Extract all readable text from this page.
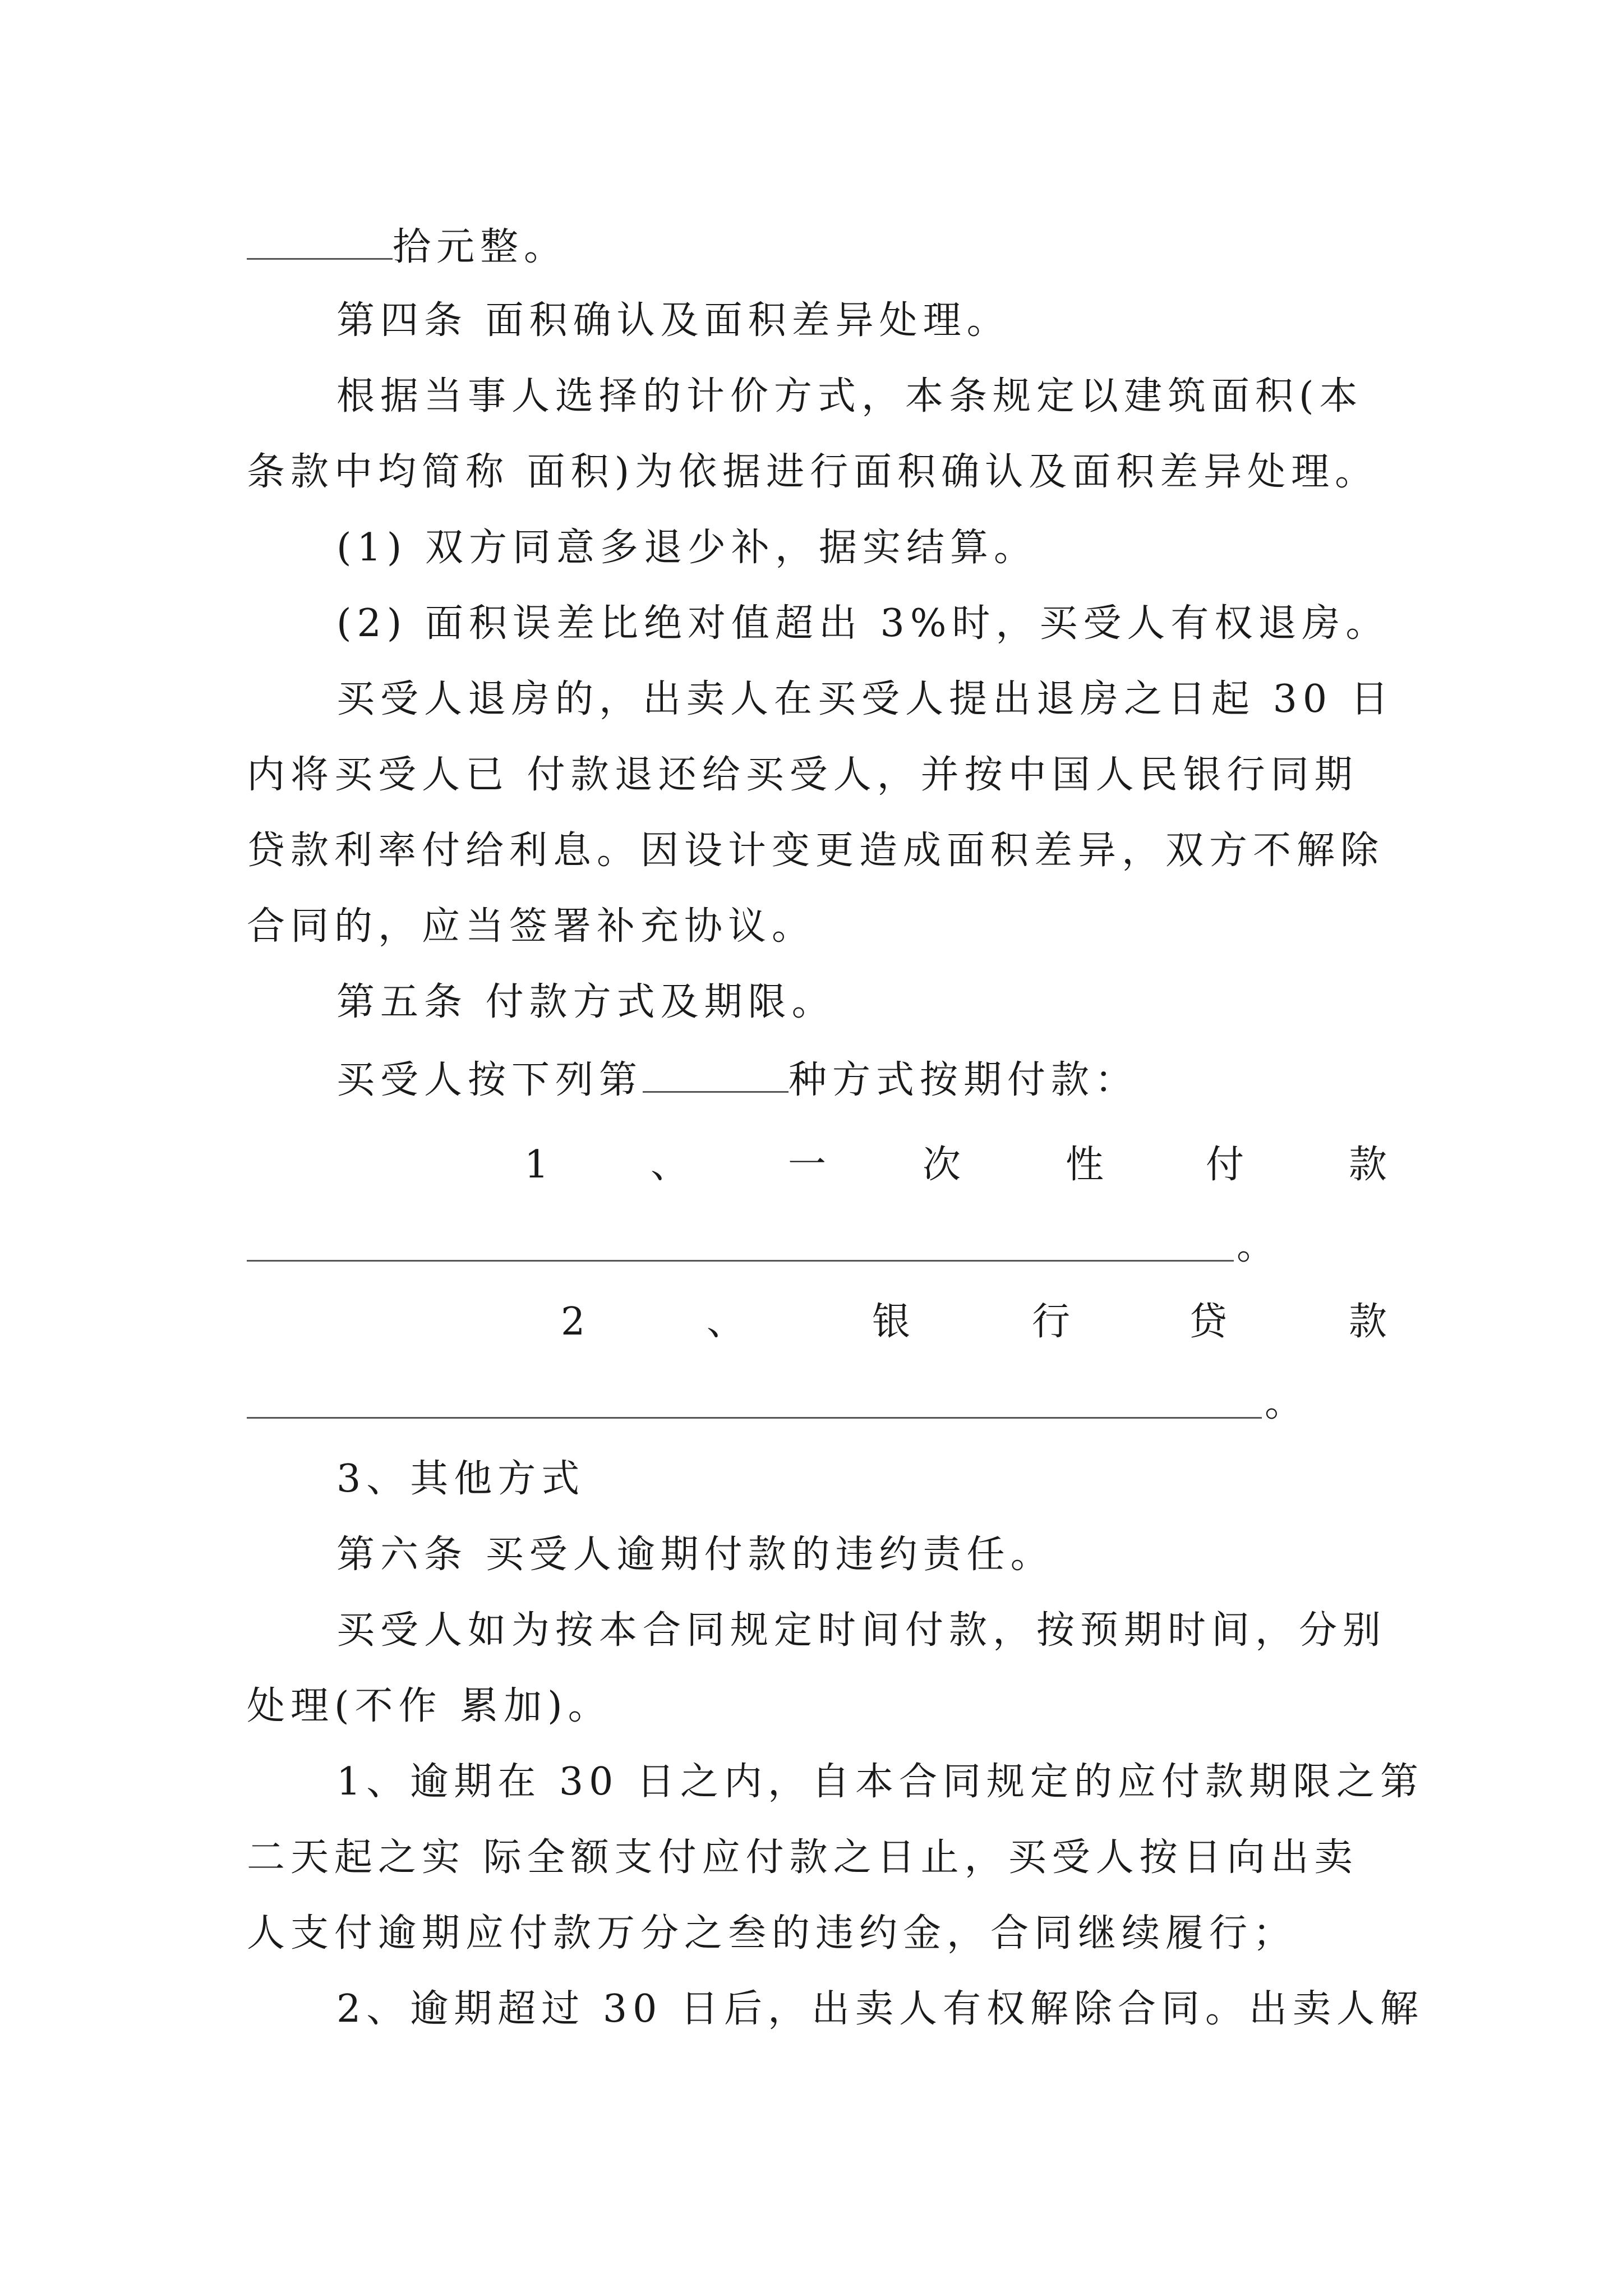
拾元整。
第四条 面积确认及面积差异处理。
根据当事人选择的计价方式，本条规定以建筑面积(本
条款中均简称 面积)为依据进行面积确认及面积差异处理。
(1) 双方同意多退少补，据实结算。
(2) 面积误差比绝对值超出 3%时，买受人有权退房。
买受人退房的，出卖人在买受人提出退房之日起 30 日
内将买受人已 付款退还给买受人，并按中国人民银行同期
贷款利率付给利息。因设计变更造成面积差异，双方不解除
合同的，应当签署补充协议。
第五条 付款方式及期限。
买受人按下列第	种方式按期付款：
1	、	一	次	性	付	款
。
2	、	银	行	贷	款
。
3、其他方式
第六条 买受人逾期付款的违约责任。
买受人如为按本合同规定时间付款，按预期时间，分别
处理(不作 累加)。
1、逾期在 30 日之内，自本合同规定的应付款期限之第
二天起之实 际全额支付应付款之日止，买受人按日向出卖
人支付逾期应付款万分之叁的违约金，合同继续履行；
2、逾期超过 30 日后，出卖人有权解除合同。出卖人解
